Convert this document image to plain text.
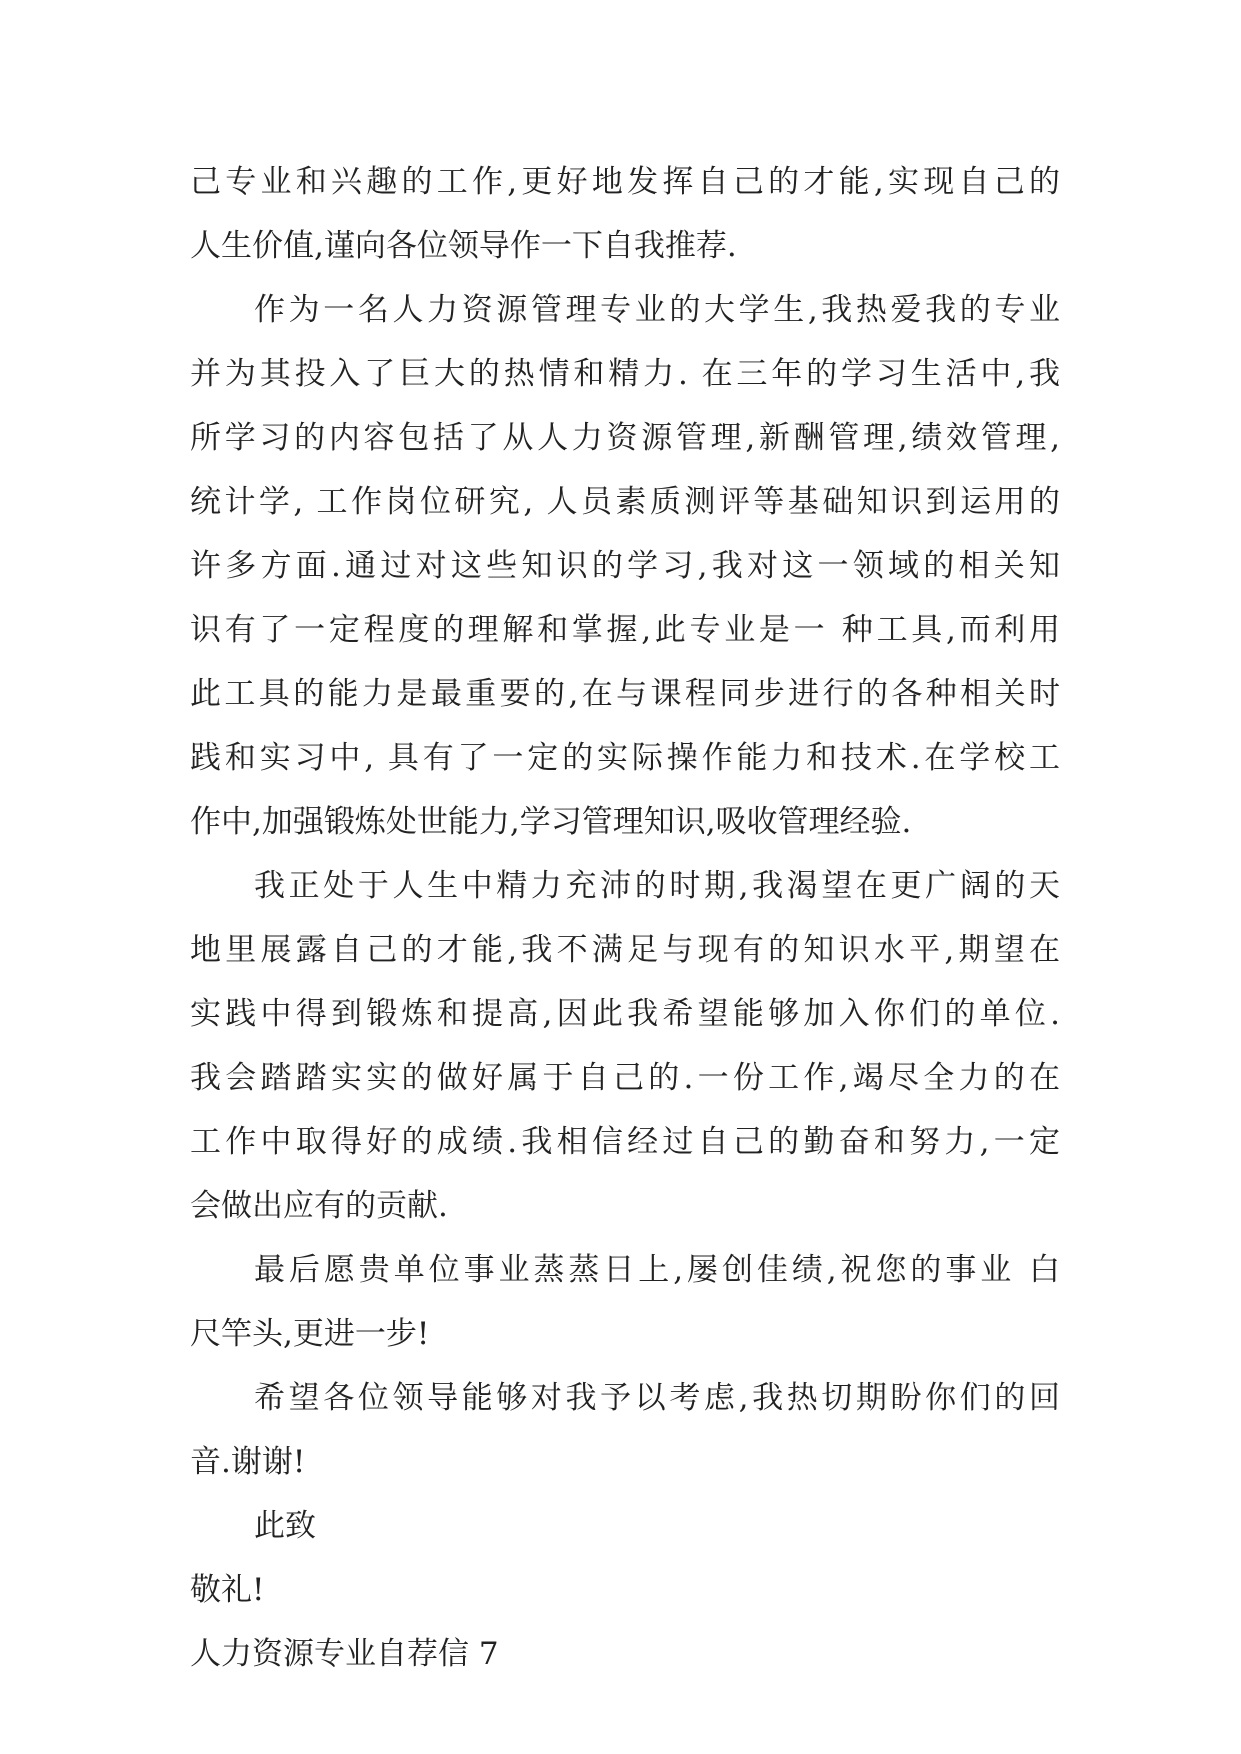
己专业和兴趣的工作,更好地发挥自己的才能,实现自己的
人生价值,谨向各位领导作一下自我推荐.
作为一名人力资源管理专业的大学生,我热爱我的专业
并为其投入了巨大的热情和精力. 在三年的学习生活中,我
所学习的内容包括了从人力资源管理,新酬管理,绩效管理,
统计学, 工作岗位研究, 人员素质测评等基础知识到运用的
许多方面.通过对这些知识的学习,我对这一领域的相关知
识有了一定程度的理解和掌握,此专业是一 种工具,而利用
此工具的能力是最重要的,在与课程同步进行的各种相关时
践和实习中, 具有了一定的实际操作能力和技术.在学校工
作中,加强锻炼处世能力,学习管理知识,吸收管理经验.
我正处于人生中精力充沛的时期,我渴望在更广阔的天
地里展露自己的才能,我不满足与现有的知识水平,期望在
实践中得到锻炼和提高,因此我希望能够加入你们的单位.
我会踏踏实实的做好属于自己的.一份工作,竭尽全力的在
工作中取得好的成绩.我相信经过自己的勤奋和努力,一定
会做出应有的贡献.
最后愿贵单位事业蒸蒸日上,屡创佳绩,祝您的事业 白
尺竿头,更进一步!
希望各位领导能够对我予以考虑,我热切期盼你们的回
音.谢谢!
此致
敬礼!
人力资源专业自荐信 7
